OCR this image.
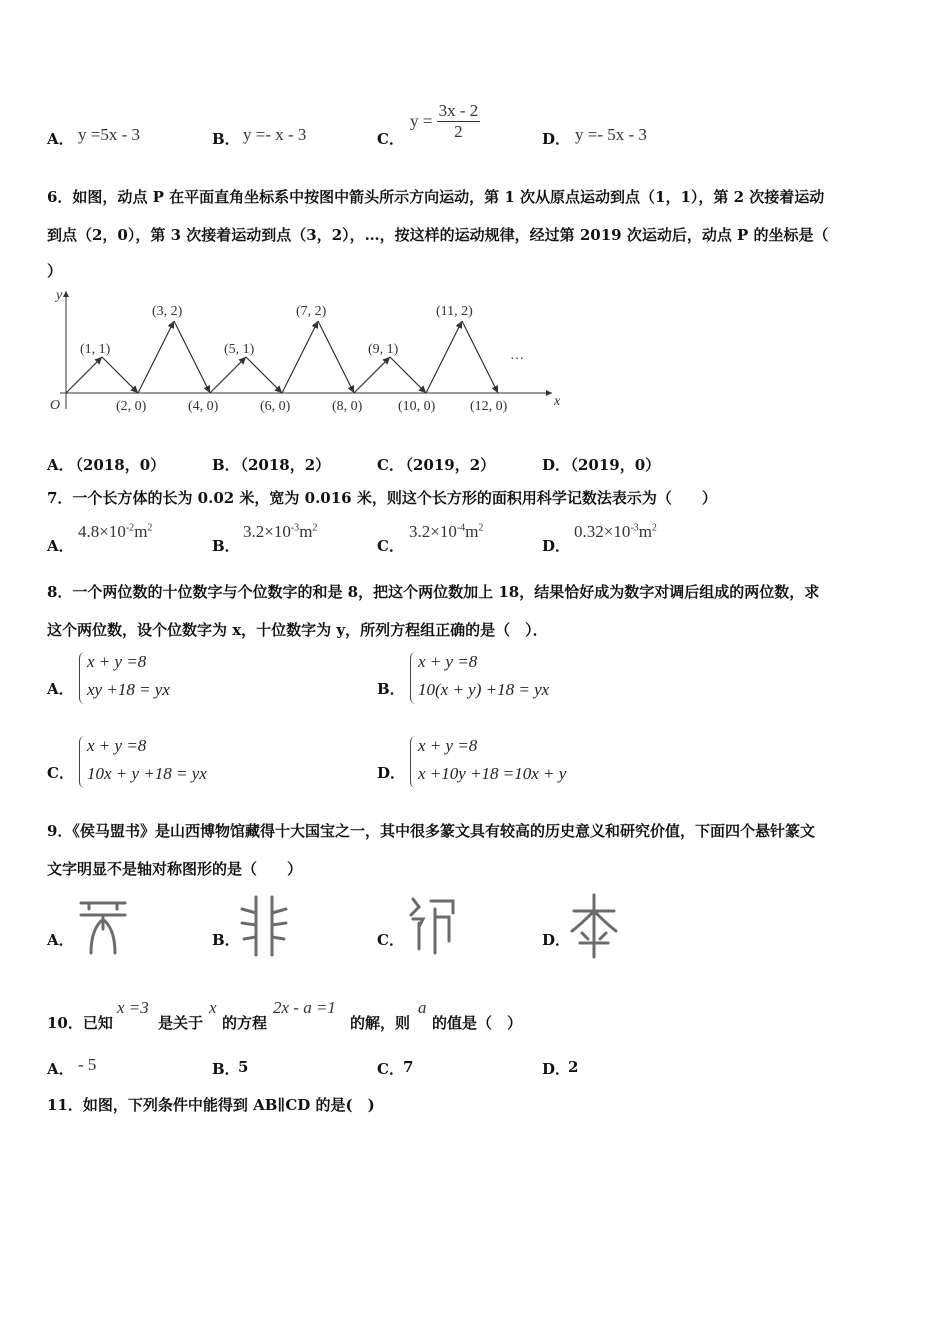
A． y =5x - 3	B． y =- x - 3	C．
$y = \frac{3x - 2}{2}$	D． y =- 5x - 3
6．如图，动点 P 在平面直角坐标系中按图中箭头所示方向运动，第 1 次从原点运动到点（1，1），第 2 次接着运动
到点（2，0），第 3 次接着运动到点（3，2），…，按这样的运动规律，经过第 2019 次运动后，动点 P 的坐标是（
）
x
y
O
(1, 1)
(3, 2)
(5, 1)
(7, 2)
(9, 1)
(11, 2)
…
(2, 0)	(4, 0)	(6, 0)	(8, 0)	(10, 0) (12, 0)
A．
（2018，0）	B．
（2018，2）	C．
（2019，2）	D．
（2019，0）
7．一个长方体的长为 0.02 米，宽为 0.016 米，则这个长方形的面积用科学记数法表示为（　　）
A．
$4.8\times 10^{-2}m^2$
B．
$3.2\times 10^{-3}m^2$
C．
$3.2\times 10^{-4}m^2$
D．
$0.32\times 10^{-3}m^2$
8．一个两位数的十位数字与个位数字的和是 8，把这个两位数加上 18，结果恰好成为数字对调后组成的两位数，求
这个两位数，设个位数字为 x，十位数字为 y，所列方程组正确的是（　）．
A．
x + y =8
xy +18 = yx	B．
x + y =8
10(x + y) +18 = yx
C．
x + y =8
10x + y +18 = yx	D．
x + y =8
x +10y +18 =10x + y
9．《侯马盟书》是山西博物馆藏得十大国宝之一，其中很多篆文具有较高的历史意义和研究价值，下面四个悬针篆文
文字明显不是轴对称图形的是（　　）
A．	B．	C．	D．
10．已知
x =3
是关于
x
的方程
2x - a =1
的解，则
a
的值是（　）
A． - 5	B．
5	C． 7	D．
2
11．如图，下列条件中能得到 AB∥CD 的是(　)
